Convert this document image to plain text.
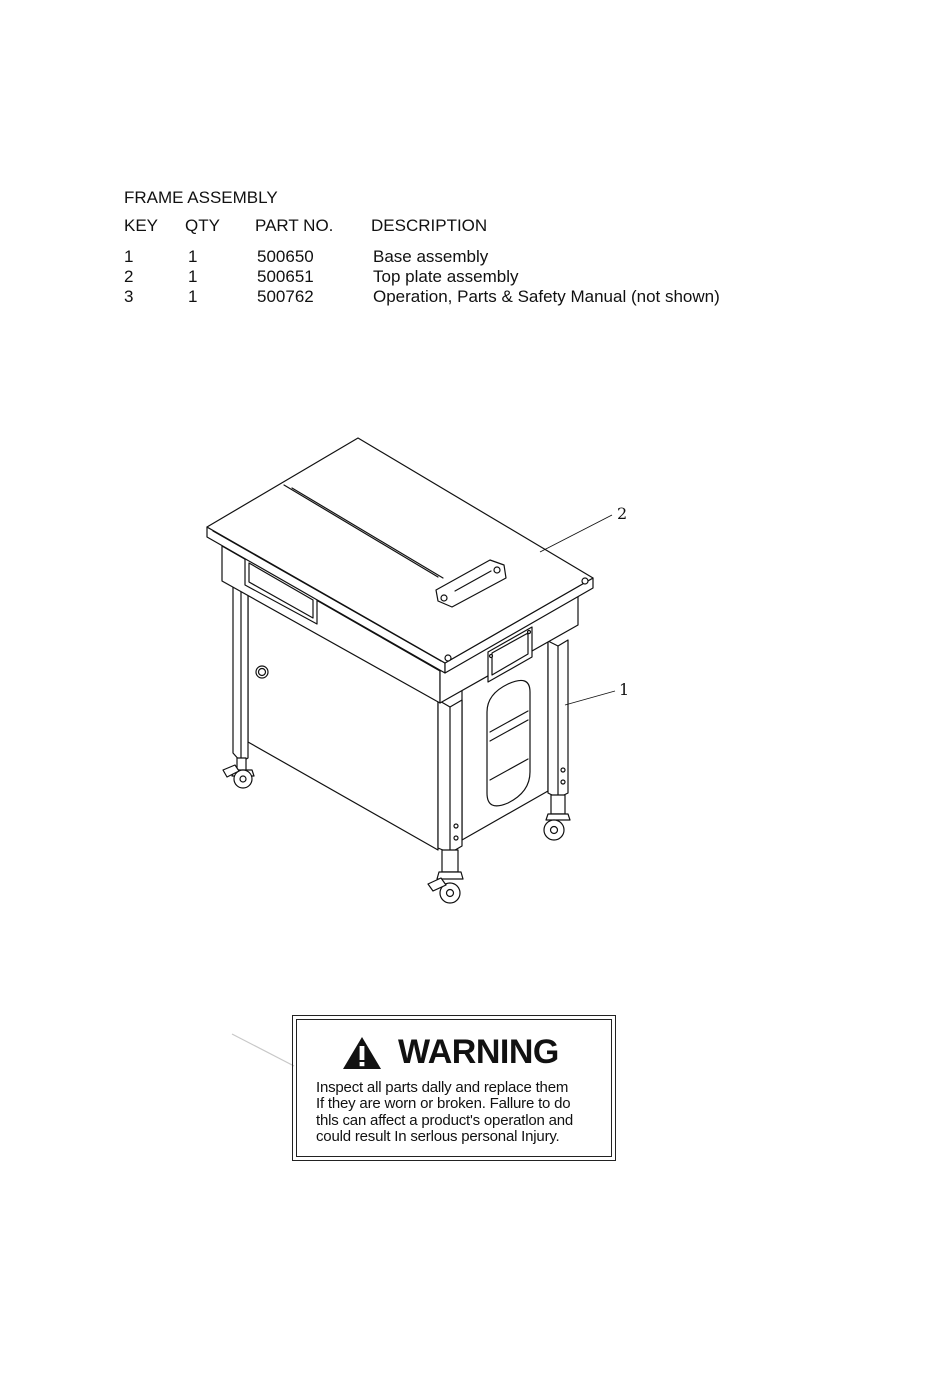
FRAME ASSEMBLY
KEY QTY PART NO. DESCRIPTION
1	1	500650	Base assembly
2	1	500651	Top plate assembly
3	1	500762	Operation, Parts & Safety Manual (not shown)
2
1
WARNING
Inspect all parts dally and replace them
If they are worn or broken. Fallure to do
thls can affect a product's operatlon and
could result In serlous personal Injury.
